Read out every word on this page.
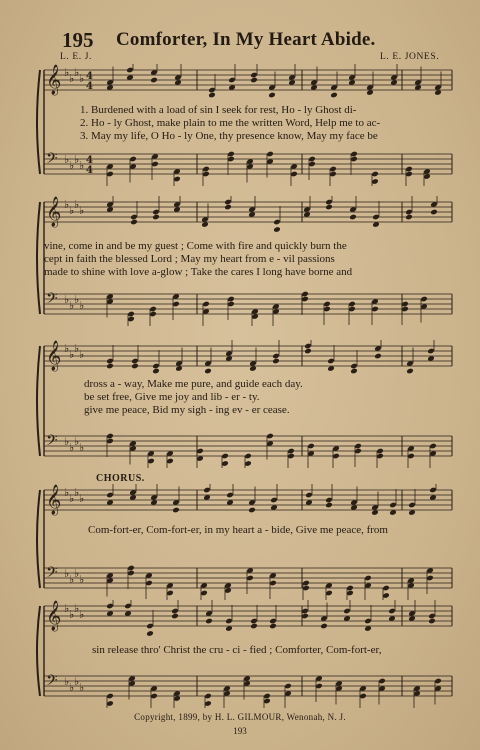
195 Comforter, In My Heart Abide.
L. E. J.	L. E. JONES.
𝄞 ♭ ♭ ♭ ♭ 4
4
𝄢 ♭ ♭ ♭ ♭ 4
4
1. Burdened with a load of sin I seek for rest, Ho - ly Ghost di-
2. Ho - ly Ghost, make plain to me the written Word, Help me to ac-
3. May my life, O Ho - ly One, thy presence know, May my face be
𝄞 ♭ ♭ ♭ ♭
𝄢 ♭ ♭ ♭ ♭
vine, come in and be my guest ; Come with fire and quickly burn the
cept in faith the blessed Lord ; May my heart from e - vil passions
made to shine with love a-glow ; Take the cares I long have borne and
𝄞 ♭ ♭ ♭ ♭
𝄢 ♭ ♭ ♭ ♭
dross a - way, Make me pure, and guide each day.
be set free, Give me joy and lib - er - ty.
give me peace, Bid my sigh - ing ev - er cease.
CHORUS.
𝄞 ♭ ♭ ♭ ♭
𝄢 ♭ ♭ ♭ ♭
Com-fort-er, Com-fort-er, in my heart a - bide, Give me peace, from
𝄞 ♭ ♭ ♭ ♭
𝄢 ♭ ♭ ♭ ♭
sin release thro' Christ the cru - ci - fied ; Comforter, Com-fort-er,
Copyright, 1899, by H. L. GILMOUR, Wenonah, N. J.
193
